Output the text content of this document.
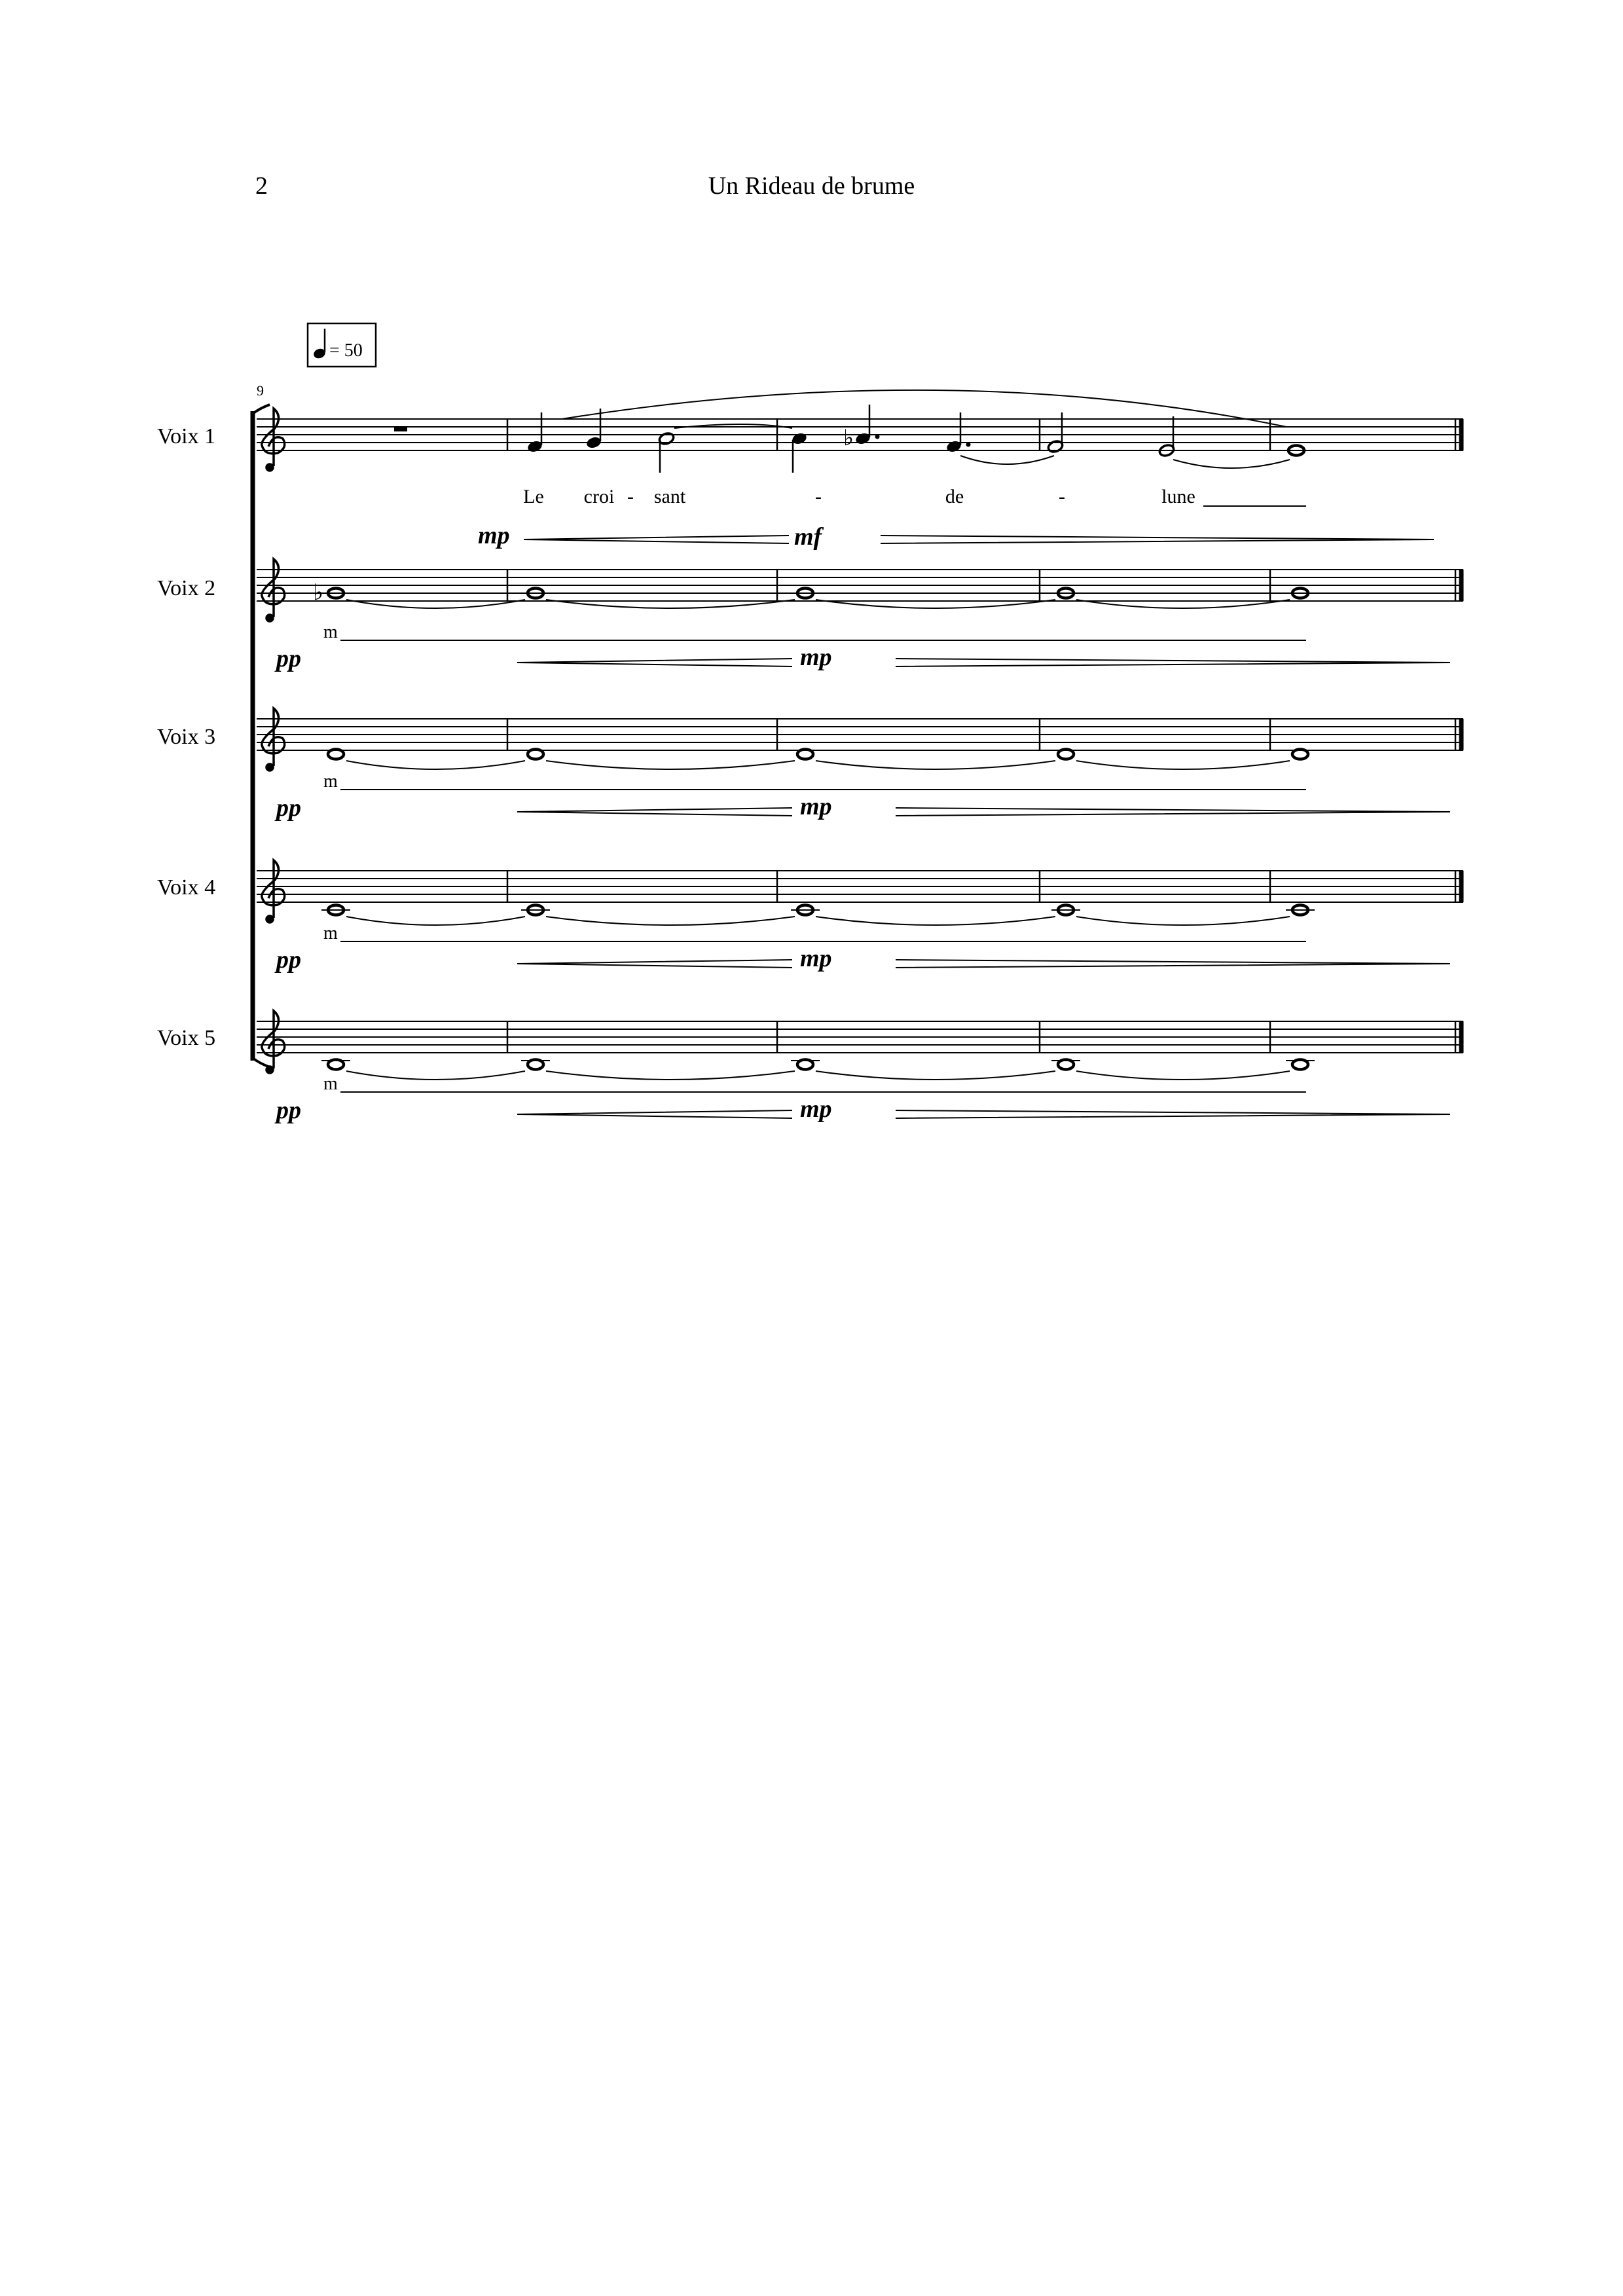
2	Un Rideau de brume
Voix 1
Voix 2
Voix 3
Voix 4
Voix 5
9
= 50
♭
Le croi - sant	-	de	-	lune
mp	mf
♭
m
pp	mp
m
pp	mp
m
pp	mp
m
pp	mp
